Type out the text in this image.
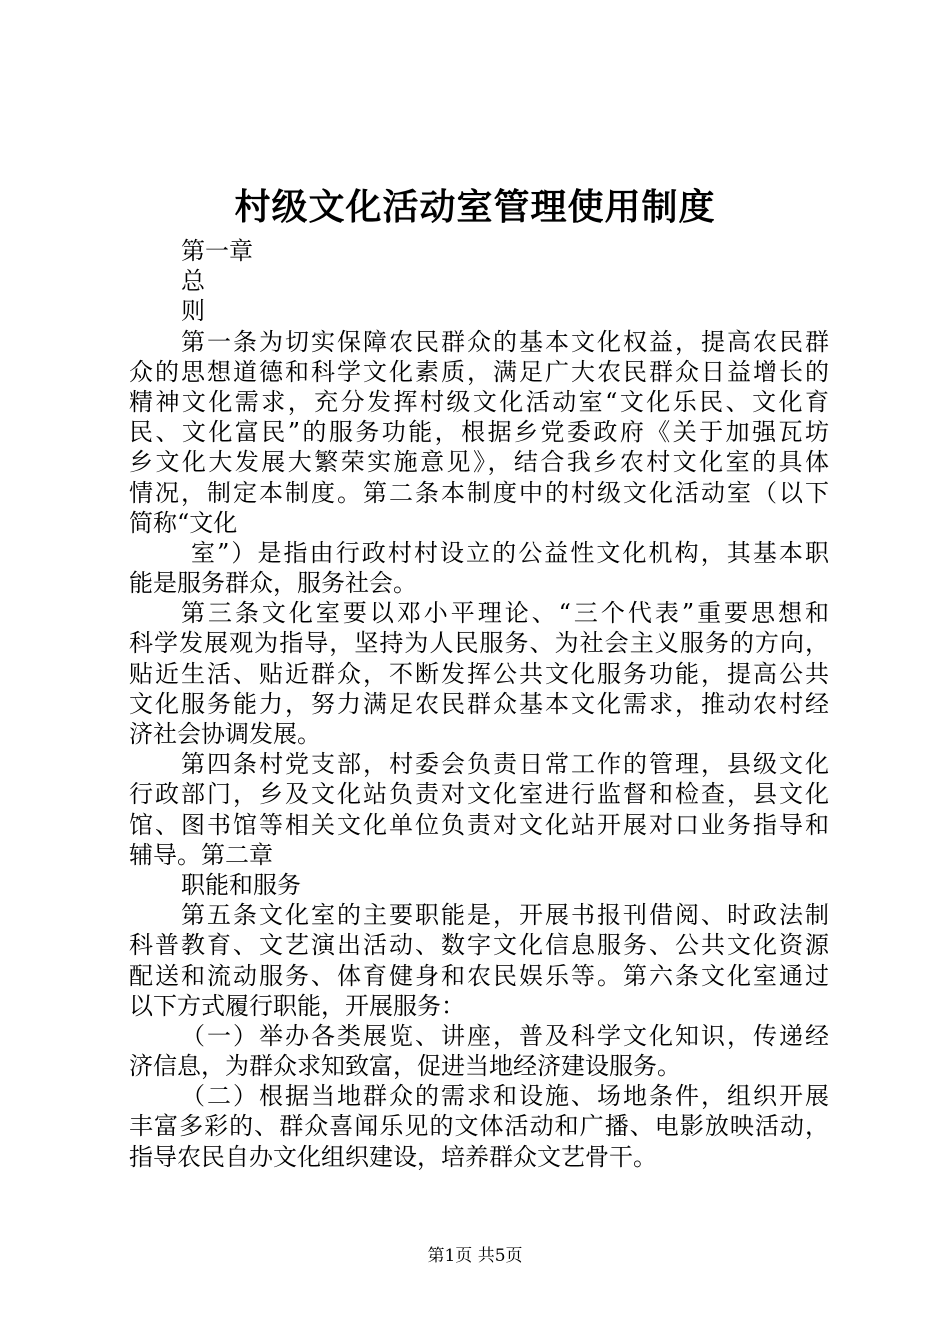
村级文化活动室管理使用制度
第一章
总
则
第一条为切实保障农民群众的基本文化权益，提高农民群
众的思想道德和科学文化素质，满足广大农民群众日益增长的
精神文化需求，充分发挥村级文化活动室“文化乐民、文化育
民、文化富民”的服务功能，根据乡党委政府《关于加强瓦坊
乡文化大发展大繁荣实施意见》，结合我乡农村文化室的具体
情况，制定本制度。第二条本制度中的村级文化活动室（以下
简称“文化
室”）是指由行政村村设立的公益性文化机构，其基本职
能是服务群众，服务社会。
第三条文化室要以邓小平理论、“三个代表”重要思想和
科学发展观为指导，坚持为人民服务、为社会主义服务的方向，
贴近生活、贴近群众，不断发挥公共文化服务功能，提高公共
文化服务能力，努力满足农民群众基本文化需求，推动农村经
济社会协调发展。
第四条村党支部，村委会负责日常工作的管理，县级文化
行政部门，乡及文化站负责对文化室进行监督和检查，县文化
馆、图书馆等相关文化单位负责对文化站开展对口业务指导和
辅导。第二章
职能和服务
第五条文化室的主要职能是，开展书报刊借阅、时政法制
科普教育、文艺演出活动、数字文化信息服务、公共文化资源
配送和流动服务、体育健身和农民娱乐等。第六条文化室通过
以下方式履行职能，开展服务：
（一）举办各类展览、讲座，普及科学文化知识，传递经
济信息，为群众求知致富，促进当地经济建设服务。
（二）根据当地群众的需求和设施、场地条件，组织开展
丰富多彩的、群众喜闻乐见的文体活动和广播、电影放映活动，
指导农民自办文化组织建设，培养群众文艺骨干。
第1页 共5页
